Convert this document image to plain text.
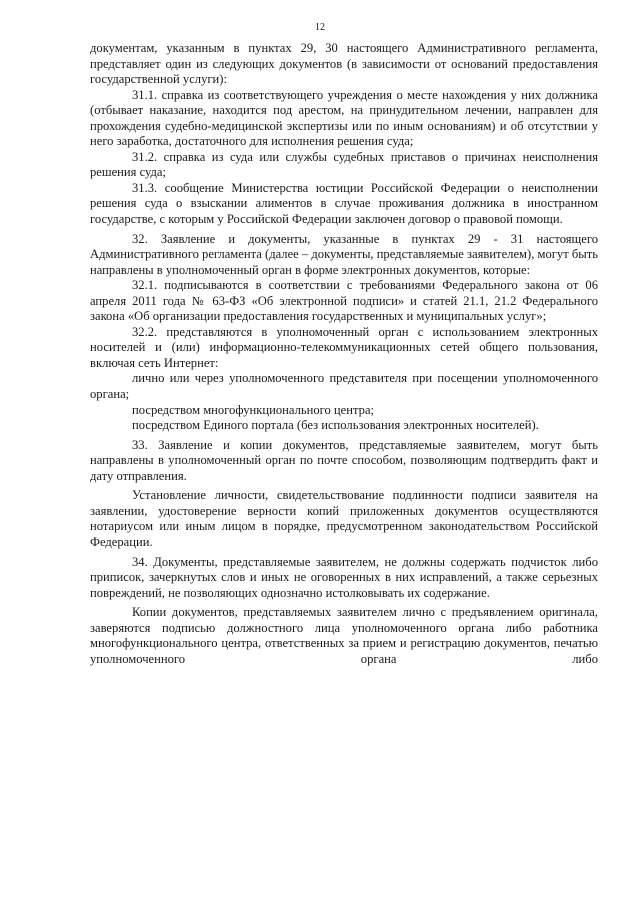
12

документам, указанным в пунктах 29, 30 настоящего Административного регламента, представляет один из следующих документов (в зависимости от оснований предоставления государственной услуги):

31.1. справка из соответствующего учреждения о месте нахождения у них должника (отбывает наказание, находится под арестом, на принудительном лечении, направлен для прохождения судебно-медицинской экспертизы или по иным основаниям) и об отсутствии у него заработка, достаточного для исполнения решения суда;

31.2. справка из суда или службы судебных приставов о причинах неисполнения решения суда;

31.3. сообщение Министерства юстиции Российской Федерации о неисполнении решения суда о взыскании алиментов в случае проживания должника в иностранном государстве, с которым у Российской Федерации заключен договор о правовой помощи.

32. Заявление и документы, указанные в пунктах 29 - 31 настоящего Административного регламента (далее – документы, представляемые заявителем), могут быть направлены в уполномоченный орган в форме электронных документов, которые:

32.1. подписываются в соответствии с требованиями Федерального закона от 06 апреля 2011 года № 63-ФЗ «Об электронной подписи» и статей 21.1, 21.2 Федерального закона «Об организации предоставления государственных и муниципальных услуг»;

32.2. представляются в уполномоченный орган с использованием электронных носителей и (или) информационно-телекоммуникационных сетей общего пользования, включая сеть Интернет:

лично или через уполномоченного представителя при посещении уполномоченного органа;

посредством многофункционального центра;

посредством Единого портала (без использования электронных носителей).

33. Заявление и копии документов, представляемые заявителем, могут быть направлены в уполномоченный орган по почте способом, позволяющим подтвердить факт и дату отправления.

Установление личности, свидетельствование подлинности подписи заявителя на заявлении, удостоверение верности копий приложенных документов осуществляются нотариусом или иным лицом в порядке, предусмотренном законодательством Российской Федерации.

34. Документы, представляемые заявителем, не должны содержать подчисток либо приписок, зачеркнутых слов и иных не оговоренных в них исправлений, а также серьезных повреждений, не позволяющих однозначно истолковывать их содержание.

Копии документов, представляемых заявителем лично с предъявлением оригинала, заверяются подписью должностного лица уполномоченного органа либо работника многофункционального центра, ответственных за прием и регистрацию документов, печатью уполномоченного органа либо
